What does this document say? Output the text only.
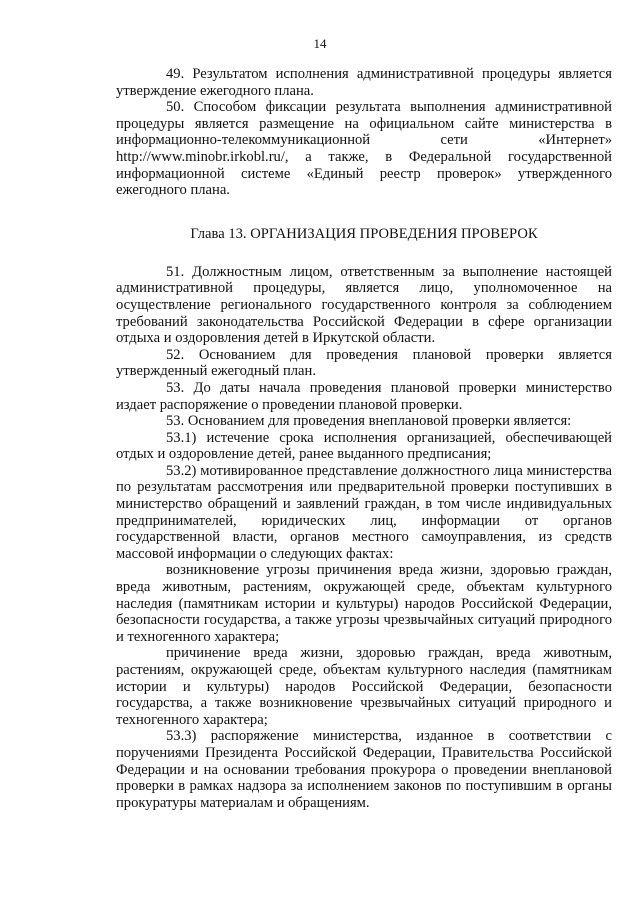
14

49. Результатом исполнения административной процедуры является утверждение ежегодного плана.

50. Способом фиксации результата выполнения административной процедуры является размещение на официальном сайте министерства в информационно-телекоммуникационной сети «Интернет» http://www.minobr.irkobl.ru/, а также, в Федеральной государственной информационной системе «Единый реестр проверок» утвержденного ежегодного плана.

Глава 13. ОРГАНИЗАЦИЯ ПРОВЕДЕНИЯ ПРОВЕРОК

51. Должностным лицом, ответственным за выполнение настоящей административной процедуры, является лицо, уполномоченное на осуществление регионального государственного контроля за соблюдением требований законодательства Российской Федерации в сфере организации отдыха и оздоровления детей в Иркутской области.

52. Основанием для проведения плановой проверки является утвержденный ежегодный план.

53. До даты начала проведения плановой проверки министерство издает распоряжение о проведении плановой проверки.

53. Основанием для проведения внеплановой проверки является:

53.1) истечение срока исполнения организацией, обеспечивающей отдых и оздоровление детей, ранее выданного предписания;

53.2) мотивированное представление должностного лица министерства по результатам рассмотрения или предварительной проверки поступивших в министерство обращений и заявлений граждан, в том числе индивидуальных предпринимателей, юридических лиц, информации от органов государственной власти, органов местного самоуправления, из средств массовой информации о следующих фактах:

возникновение угрозы причинения вреда жизни, здоровью граждан, вреда животным, растениям, окружающей среде, объектам культурного наследия (памятникам истории и культуры) народов Российской Федерации, безопасности государства, а также угрозы чрезвычайных ситуаций природного и техногенного характера;

причинение вреда жизни, здоровью граждан, вреда животным, растениям, окружающей среде, объектам культурного наследия (памятникам истории и культуры) народов Российской Федерации, безопасности государства, а также возникновение чрезвычайных ситуаций природного и техногенного характера;

53.3) распоряжение министерства, изданное в соответствии с поручениями Президента Российской Федерации, Правительства Российской Федерации и на основании требования прокурора о проведении внеплановой проверки в рамках надзора за исполнением законов по поступившим в органы прокуратуры материалам и обращениям.
